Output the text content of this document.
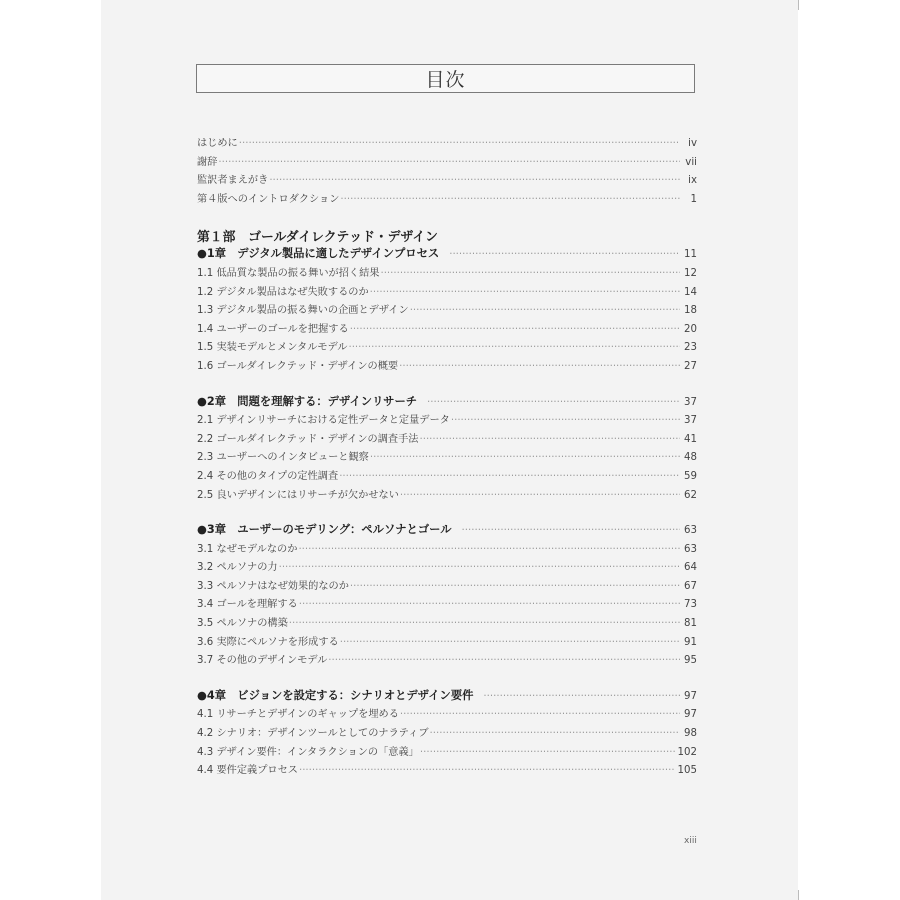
目次
はじめに ·····	iv
謝辞 ·····	vii
監訳者まえがき ·····	ix
第４版へのイントロダクション ·····	1
第１部　ゴールダイレクテッド・デザイン
●1章　デジタル製品に適したデザインプロセス ·····	11
1.1 低品質な製品の振る舞いが招く結果 ·····	12
1.2 デジタル製品はなぜ失敗するのか ·····	14
1.3 デジタル製品の振る舞いの企画とデザイン ·····	18
1.4 ユーザーのゴールを把握する ·····	20
1.5 実装モデルとメンタルモデル ·····	23
1.6 ゴールダイレクテッド・デザインの概要 ·····	27
●2章　問題を理解する：デザインリサーチ ·····	37
2.1 デザインリサーチにおける定性データと定量データ ·····	37
2.2 ゴールダイレクテッド・デザインの調査手法 ·····	41
2.3 ユーザーへのインタビューと観察 ·····	48
2.4 その他のタイプの定性調査 ·····	59
2.5 良いデザインにはリサーチが欠かせない ·····	62
●3章　ユーザーのモデリング：ペルソナとゴール ·····	63
3.1 なぜモデルなのか ·····	63
3.2 ペルソナの力 ·····	64
3.3 ペルソナはなぜ効果的なのか ·····	67
3.4 ゴールを理解する ·····	73
3.5 ペルソナの構築 ·····	81
3.6 実際にペルソナを形成する ·····	91
3.7 その他のデザインモデル ·····	95
●4章　ビジョンを設定する：シナリオとデザイン要件 ·····	97
4.1 リサーチとデザインのギャップを埋める ·····	97
4.2 シナリオ：デザインツールとしてのナラティブ ·····	98
4.3 デザイン要件：インタラクションの「意義」 ·····	102
4.4 要件定義プロセス ·····	105
xiii
